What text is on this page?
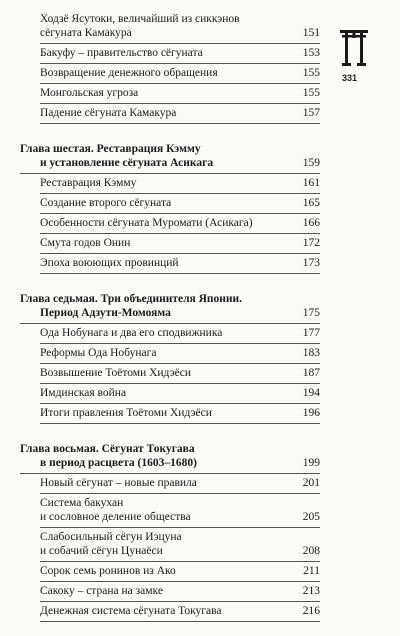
Ходзё Ясутоки, величайший из сиккэнов
сёгуната Камакура	151
Бакуфу – правительство сёгуната	153
Возвращение денежного обращения	155
Монгольская угроза	155
Падение сёгуната Камакура	157
Глава шестая. Реставрация Кэмму
и установление сёгуната Асикага	159
Реставрация Кэмму	161
Создание второго сёгуната	165
Особенности сёгуната Муромати (Асикага)	166
Смута годов Онин	172
Эпоха воюющих провинций	173
Глава седьмая. Три объединителя Японии.
Период Адзути-Момояма	175
Ода Нобунага и два его сподвижника	177
Реформы Ода Нобунага	183
Возвышение Тоётоми Хидэёси	187
Имдинская война	194
Итоги правления Тоётоми Хидэёси	196
Глава восьмая. Сёгунат Токугава
в период расцвета (1603–1680)	199
Новый сёгунат – новые правила	201
Система бакухан
и сословное деление общества	205
Слабосильный сёгун Иэцуна
и собачий сёгун Цунаёси	208
Сорок семь ронинов из Ако	211
Сакоку – страна на замке	213
Денежная система сёгуната Токугава	216
331
